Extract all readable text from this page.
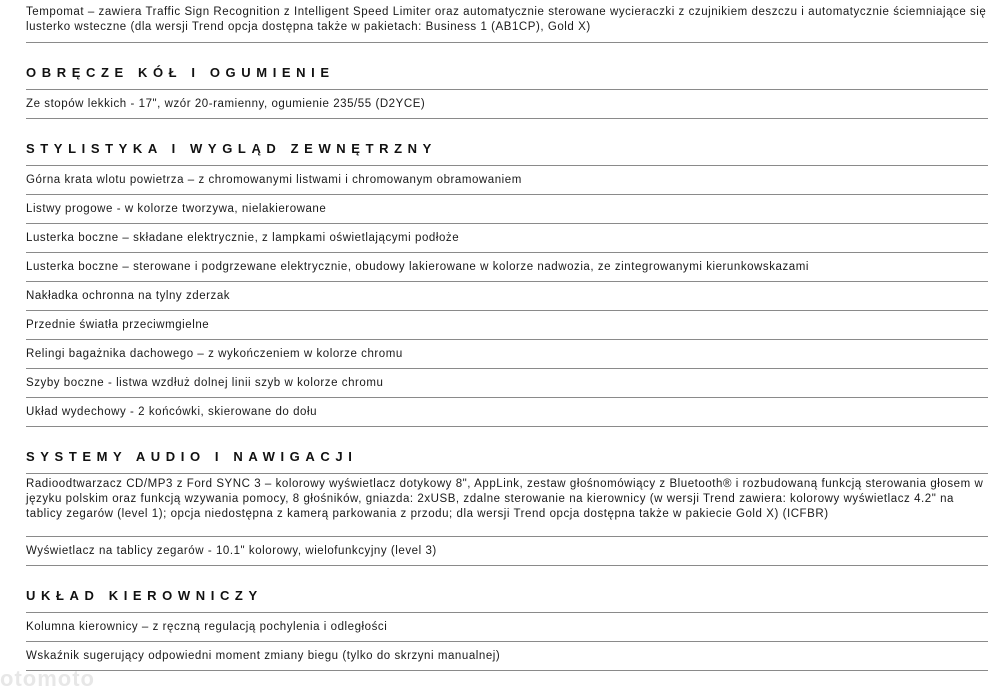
Tempomat – zawiera Traffic Sign Recognition z Intelligent Speed Limiter oraz automatycznie sterowane wycieraczki z czujnikiem deszczu i automatycznie ściemniające się lusterko wsteczne (dla wersji Trend opcja dostępna także w pakietach: Business 1 (AB1CP), Gold X)
OBRĘCZE KÓŁ I OGUMIENIE
Ze stopów lekkich - 17", wzór 20-ramienny, ogumienie 235/55 (D2YCE)
STYLISTYKA I WYGLĄD ZEWNĘTRZNY
Górna krata wlotu powietrza – z chromowanymi listwami i chromowanym obramowaniem
Listwy progowe - w kolorze tworzywa, nielakierowane
Lusterka boczne – składane elektrycznie, z lampkami oświetlającymi podłoże
Lusterka boczne – sterowane i podgrzewane elektrycznie, obudowy lakierowane w kolorze nadwozia, ze zintegrowanymi kierunkowskazami
Nakładka ochronna na tylny zderzak
Przednie światła przeciwmgielne
Relingi bagażnika dachowego – z wykończeniem w kolorze chromu
Szyby boczne - listwa wzdłuż dolnej linii szyb w kolorze chromu
Układ wydechowy - 2 końcówki, skierowane do dołu
SYSTEMY AUDIO I NAWIGACJI
Radioodtwarzacz CD/MP3 z Ford SYNC 3 – kolorowy wyświetlacz dotykowy 8", AppLink, zestaw głośnomówiący z Bluetooth® i rozbudowaną funkcją sterowania głosem w języku polskim oraz funkcją wzywania pomocy, 8 głośników, gniazda: 2xUSB, zdalne sterowanie na kierownicy (w wersji Trend zawiera: kolorowy wyświetlacz 4.2" na tablicy zegarów (level 1); opcja niedostępna z kamerą parkowania z przodu; dla wersji Trend opcja dostępna także w pakiecie Gold X) (ICFBR)
Wyświetlacz na tablicy zegarów - 10.1" kolorowy, wielofunkcyjny (level 3)
UKŁAD KIEROWNICZY
Kolumna kierownicy – z ręczną regulacją pochylenia i odległości
Wskaźnik sugerujący odpowiedni moment zmiany biegu (tylko do skrzyni manualnej)
otomoto
